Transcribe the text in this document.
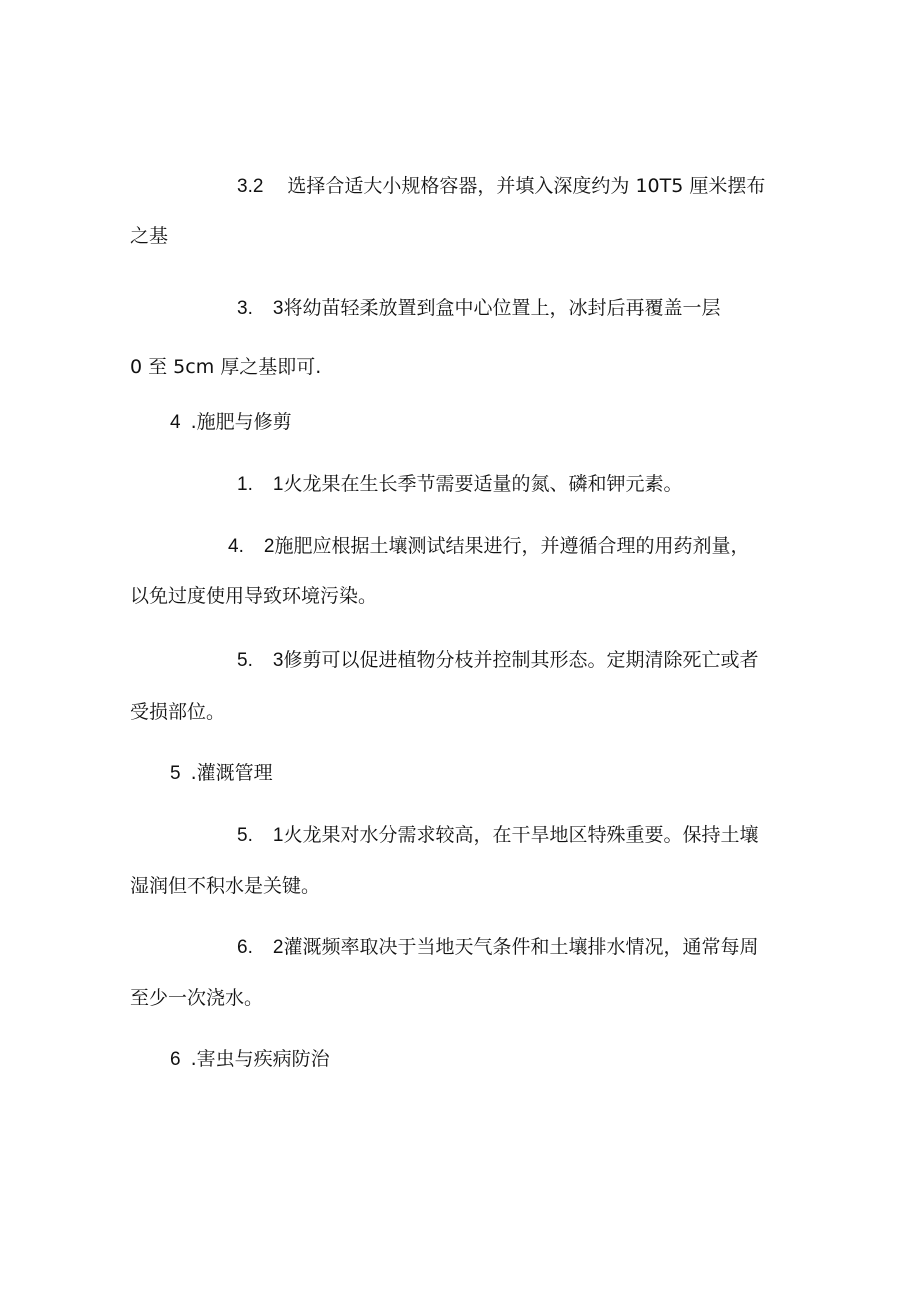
3.2 选择合适大小规格容器，并填入深度约为 10T5 厘米摆布
之基
3. 3将幼苗轻柔放置到盒中心位置上，冰封后再覆盖一层
0 至 5cm 厚之基即可.
4 .施肥与修剪
1. 1火龙果在生长季节需要适量的氮、磷和钾元素。
4. 2施肥应根据土壤测试结果进行，并遵循合理的用药剂量，
以免过度使用导致环境污染。
5. 3修剪可以促进植物分枝并控制其形态。定期清除死亡或者
受损部位。
5 .灌溉管理
5. 1火龙果对水分需求较高，在干旱地区特殊重要。保持土壤
湿润但不积水是关键。
6. 2灌溉频率取决于当地天气条件和土壤排水情况，通常每周
至少一次浇水。
6 .害虫与疾病防治
